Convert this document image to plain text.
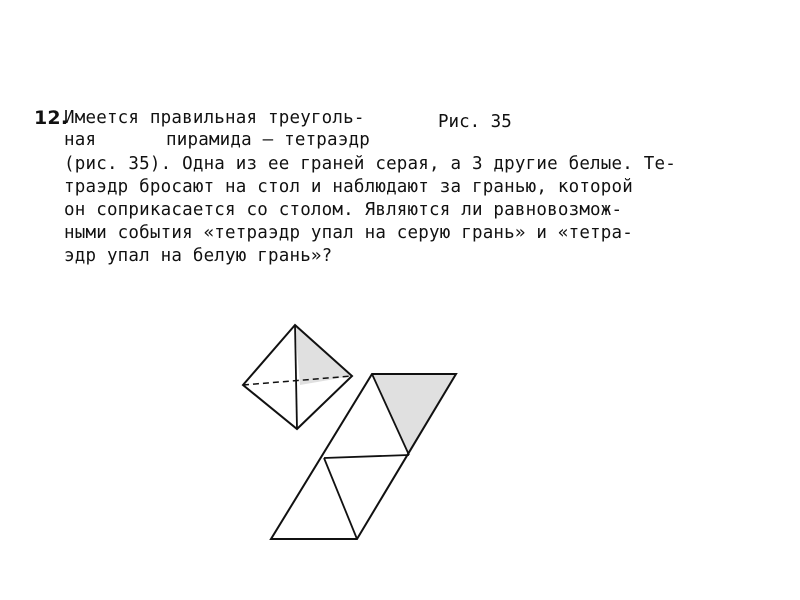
12.

Имеется правильная треуголь-

ная

	пирамида — тетраэдр

(рис. 35). Одна из ее граней серая, а 3 другие белые. Те-

траэдр бросают на стол и наблюдают за гранью, которой

он соприкасается со столом. Являются ли равновозмож-

ными события «тетраэдр упал на серую грань» и «тетра-

эдр упал на белую грань»?

Рис. 35
